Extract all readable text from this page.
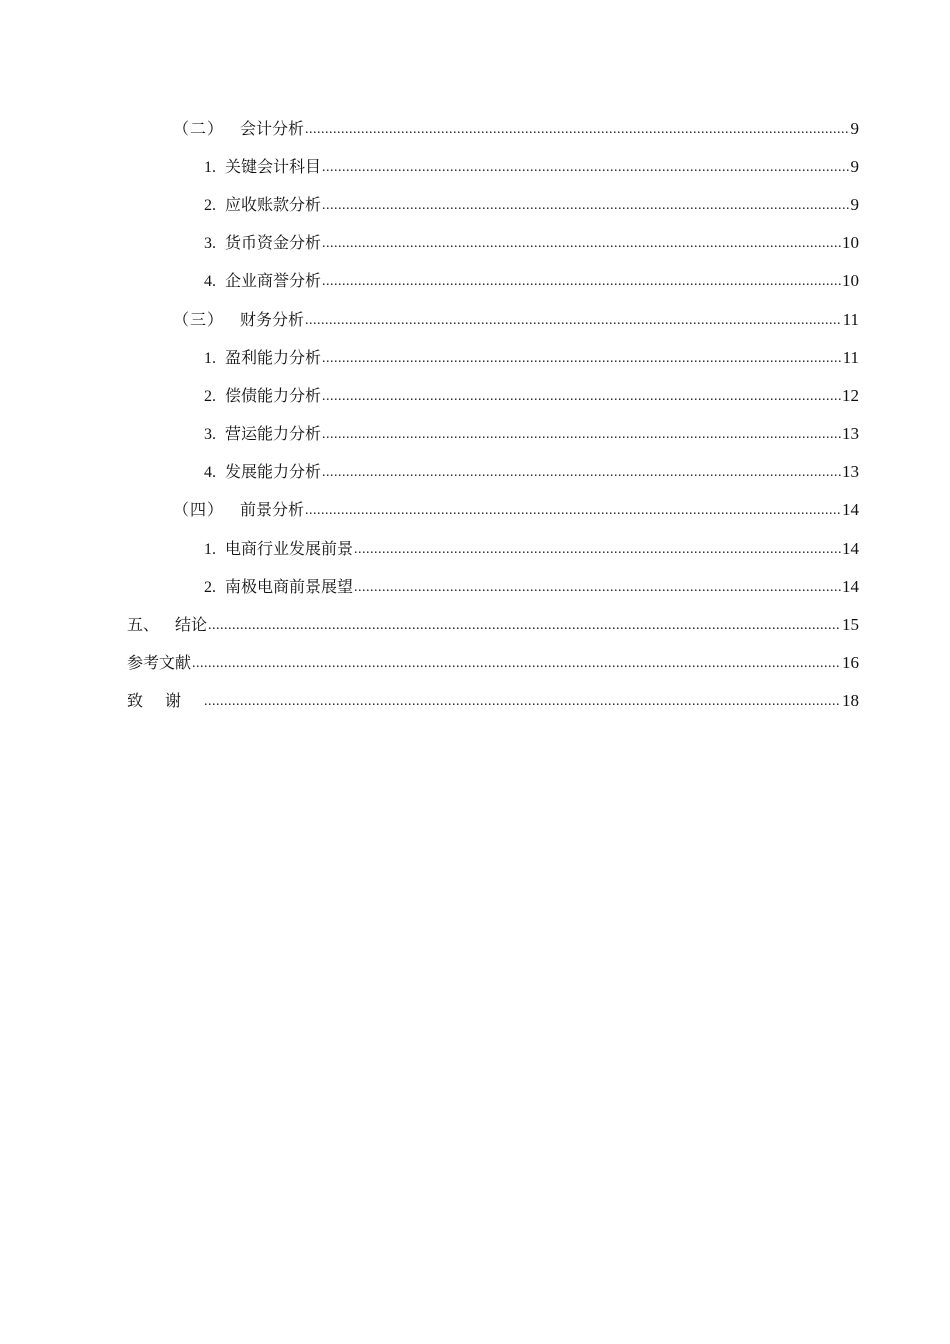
（二） 会计分析 .....	9
1. 关键会计科目 .....	9
2. 应收账款分析 .....	9
3. 货币资金分析 .....	10
4. 企业商誉分析 .....	10
（三） 财务分析 .....	11
1. 盈利能力分析 .....	11
2. 偿债能力分析 .....	12
3. 营运能力分析 .....	13
4. 发展能力分析 .....	13
（四） 前景分析 .....	14
1. 电商行业发展前景 .....	14
2. 南极电商前景展望 .....	14
五、 结论 .....	15
参考文献 .....	16
致谢 .....	18
